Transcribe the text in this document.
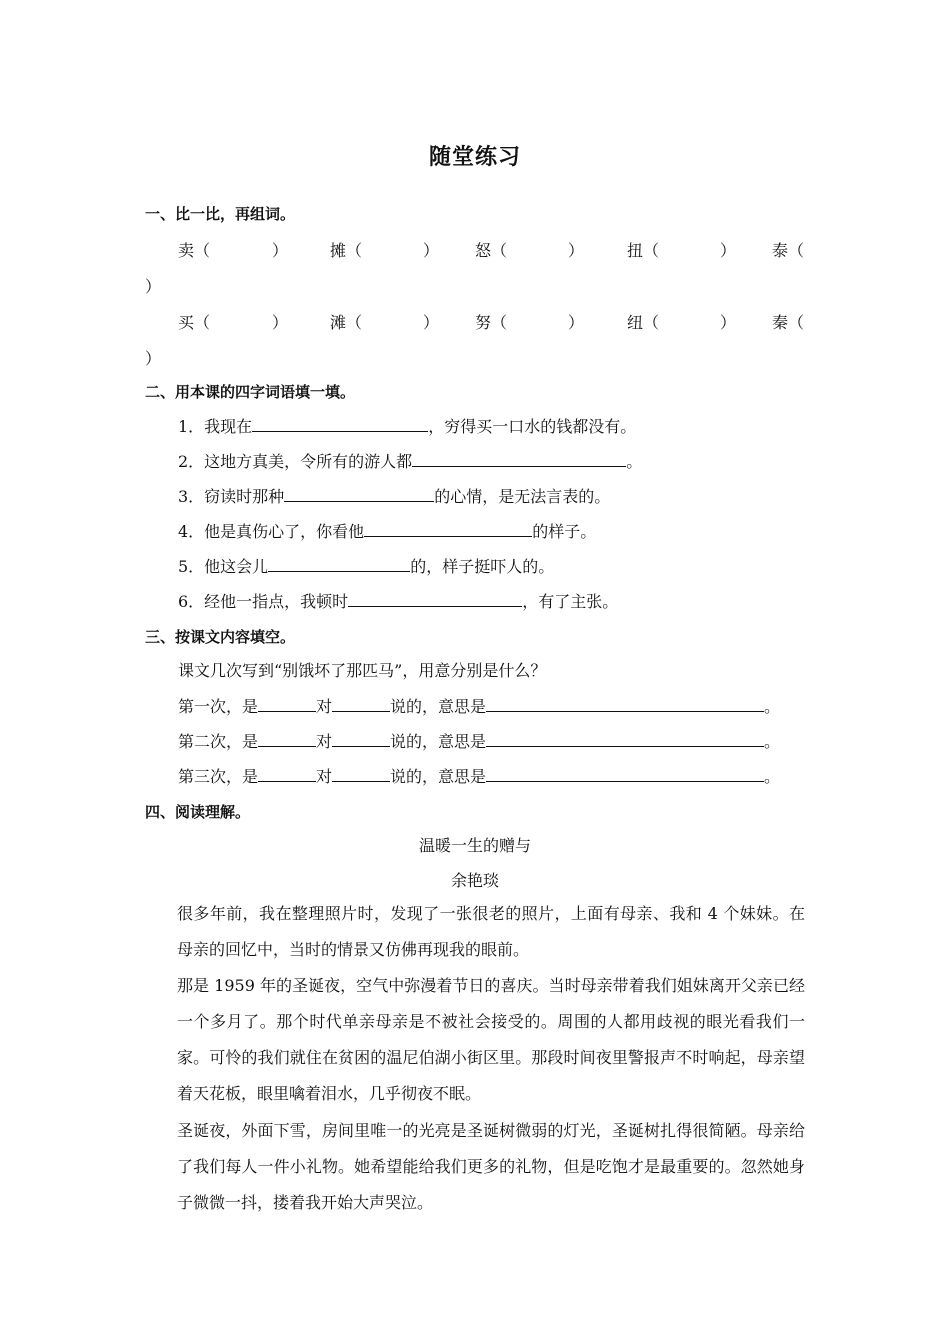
随堂练习
一、比一比，再组词。
卖（	）	摊（	） 怒（	）	扭（	） 泰（
）
买（	）	滩（	） 努（	）	纽（	） 秦（
）
二、用本课的四字词语填一填。
1．我现在	，穷得买一口水的钱都没有。
2．这地方真美，令所有的游人都	。
3．窃读时那种	的心情，是无法言表的。
4．他是真伤心了，你看他	的样子。
5．他这会儿	的，样子挺吓人的。
6．经他一指点，我顿时	，有了主张。
三、按课文内容填空。
课文几次写到“别饿坏了那匹马”，用意分别是什么？
第一次，是	对	说的，意思是	。
第二次，是	对	说的，意思是	。
第三次，是	对	说的，意思是	。
四、阅读理解。
温暖一生的赠与
余艳琰
很多年前，我在整理照片时，发现了一张很老的照片，上面有母亲、我和 4 个妹妹。在母亲的回忆中，当时的情景又仿佛再现我的眼前。
那是 1959 年的圣诞夜，空气中弥漫着节日的喜庆。当时母亲带着我们姐妹离开父亲已经一个多月了。那个时代单亲母亲是不被社会接受的。周围的人都用歧视的眼光看我们一家。可怜的我们就住在贫困的温尼伯湖小街区里。那段时间夜里警报声不时响起，母亲望着天花板，眼里噙着泪水，几乎彻夜不眠。
圣诞夜，外面下雪，房间里唯一的光亮是圣诞树微弱的灯光，圣诞树扎得很简陋。母亲给了我们每人一件小礼物。她希望能给我们更多的礼物，但是吃饱才是最重要的。忽然她身子微微一抖，搂着我开始大声哭泣。
